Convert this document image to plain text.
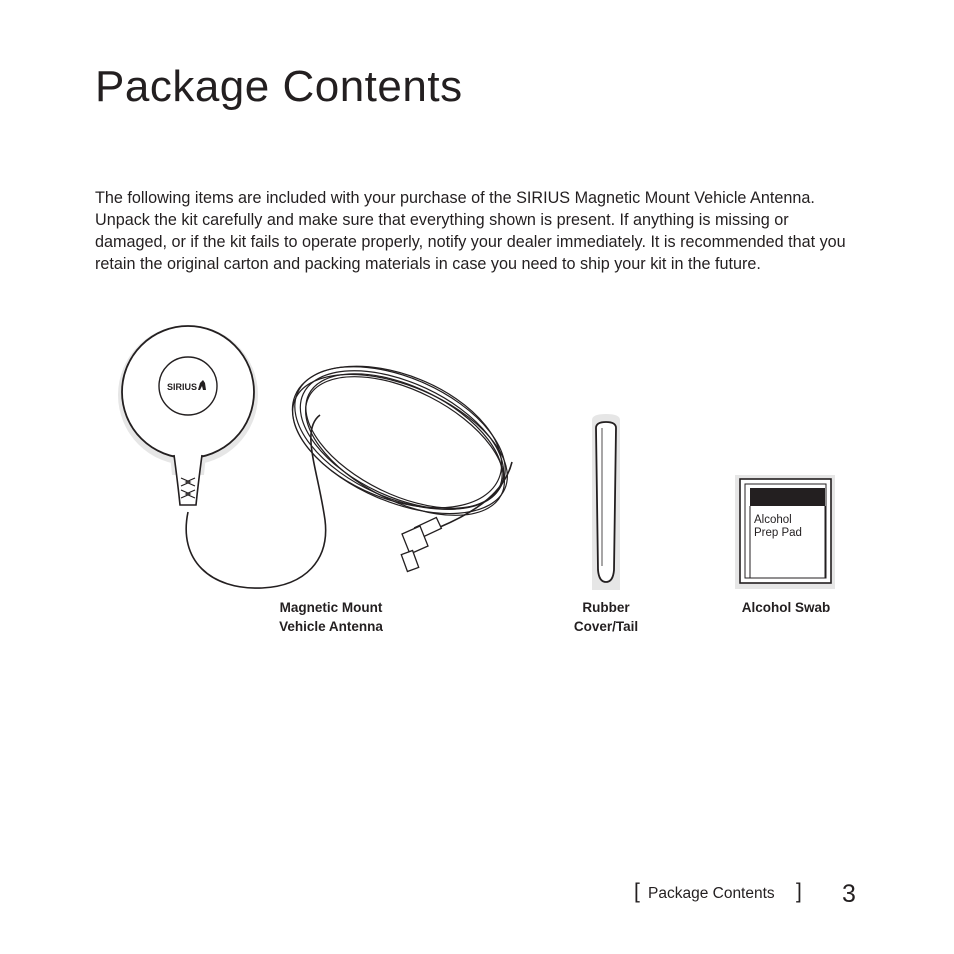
Package Contents

The following items are included with your purchase of the SIRIUS Magnetic Mount Vehicle Antenna. Unpack the kit carefully and make sure that everything shown is present. If anything is missing or damaged, or if the kit fails to operate properly, notify your dealer immediately. It is recommended that you retain the original carton and packing materials in case you need to ship your kit in the future.

SIRIUS
Alcohol
Prep Pad
Magnetic Mount
Vehicle Antenna
Rubber
Cover/Tail
Alcohol Swab
[ Package Contents ] 3
